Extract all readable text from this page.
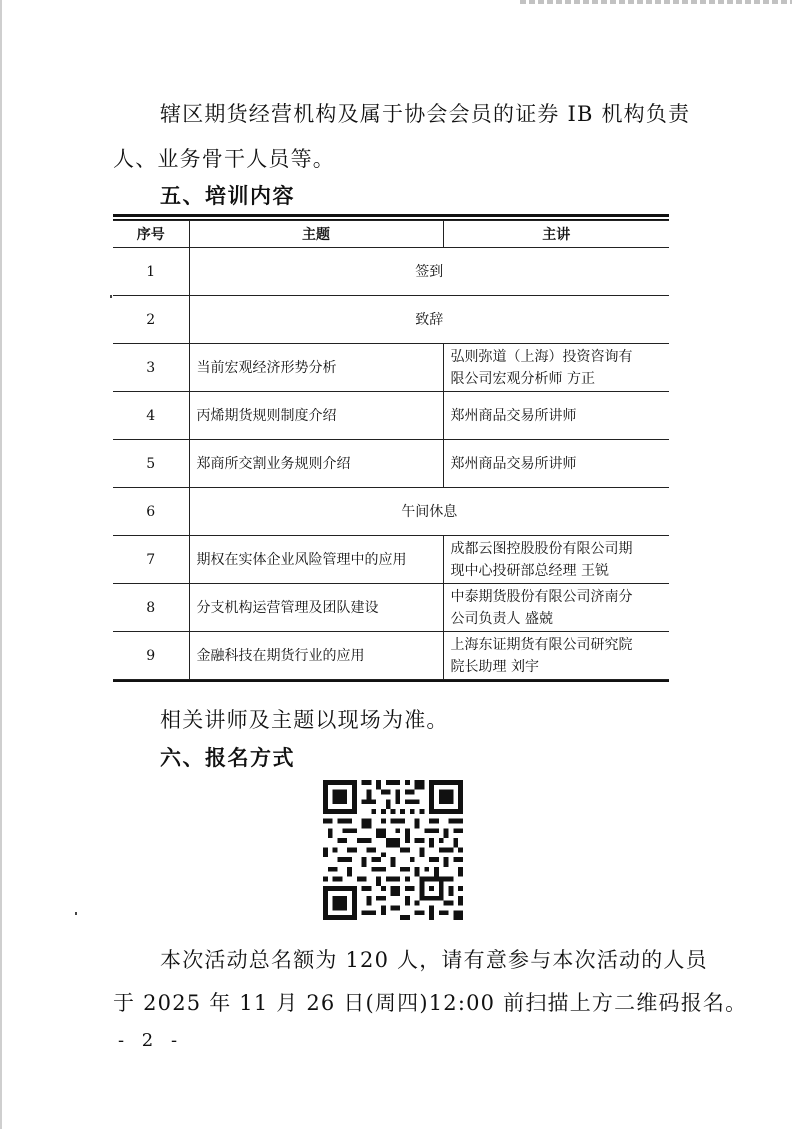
辖区期货经营机构及属于协会会员的证券 IB 机构负责
人、业务骨干人员等。
五、培训内容
序号	主题	主讲
1	签到	
2	致辞	
3	当前宏观经济形势分析	弘则弥道（上海）投资咨询有
限公司宏观分析师 方正

4	丙烯期货规则制度介绍	郑州商品交易所讲师
5	郑商所交割业务规则介绍	郑州商品交易所讲师
6	午间休息	
7	期权在实体企业风险管理中的应用	成都云图控股股份有限公司期
现中心投研部总经理 王锐

8	分支机构运营管理及团队建设	中泰期货股份有限公司济南分
公司负责人 盛兢

9	金融科技在期货行业的应用	上海东证期货有限公司研究院
院长助理 刘宇
相关讲师及主题以现场为准。
六、报名方式
本次活动总名额为 120 人，请有意参与本次活动的人员
于 2025 年 11 月 26 日(周四)12:00 前扫描上方二维码报名。
- 2 -
